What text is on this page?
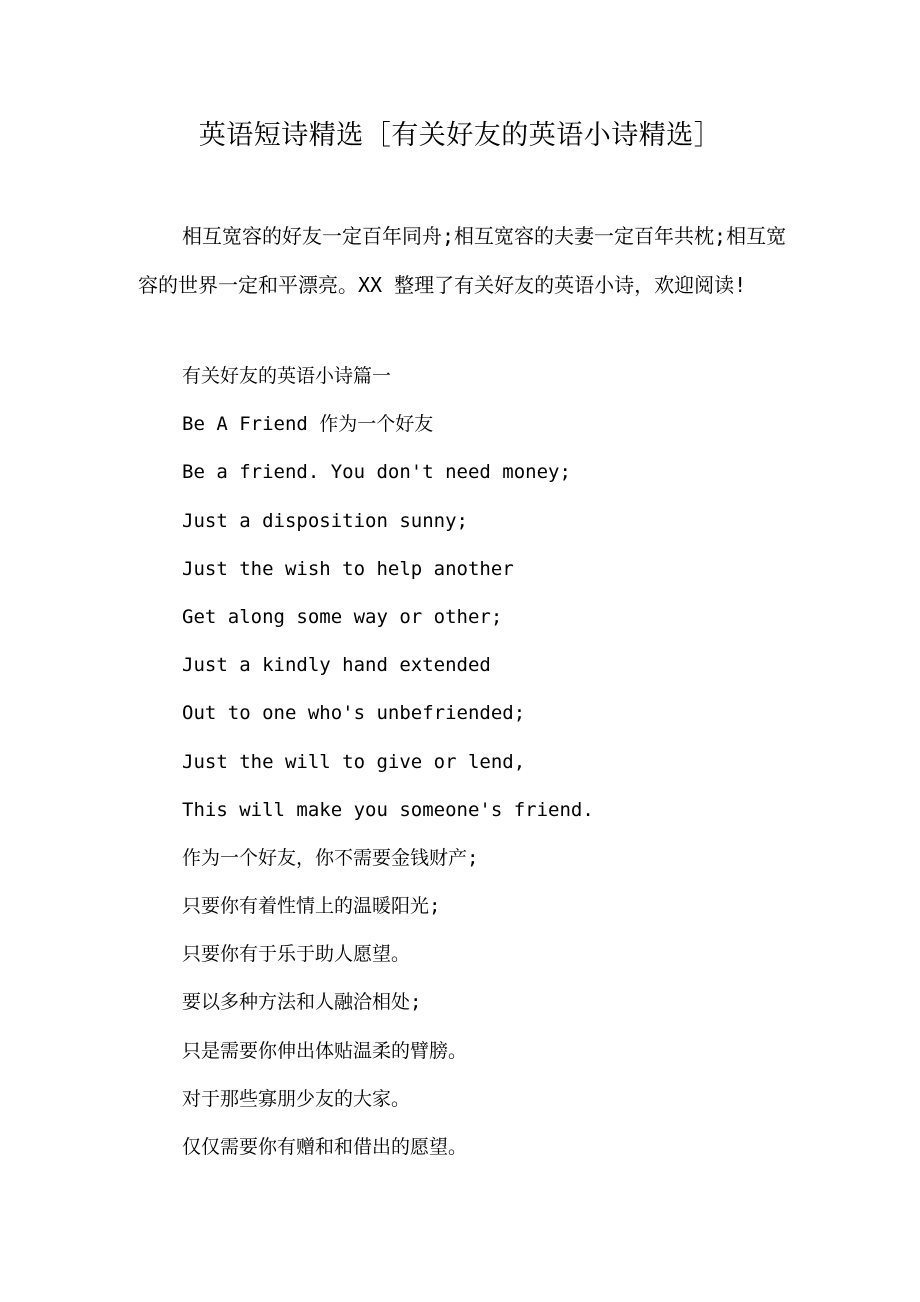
英语短诗精选［有关好友的英语小诗精选］

相互宽容的好友一定百年同舟;相互宽容的夫妻一定百年共枕;相互宽容的世界一定和平漂亮。XX 整理了有关好友的英语小诗，欢迎阅读!

有关好友的英语小诗篇一
Be A Friend 作为一个好友
Be a friend. You don't need money;
Just a disposition sunny;
Just the wish to help another
Get along some way or other;
Just a kindly hand extended
Out to one who's unbefriended;
Just the will to give or lend,
This will make you someone's friend.
作为一个好友，你不需要金钱财产;
只要你有着性情上的温暖阳光;
只要你有于乐于助人愿望。
要以多种方法和人融洽相处;
只是需要你伸出体贴温柔的臂膀。
对于那些寡朋少友的大家。
仅仅需要你有赠和和借出的愿望。
